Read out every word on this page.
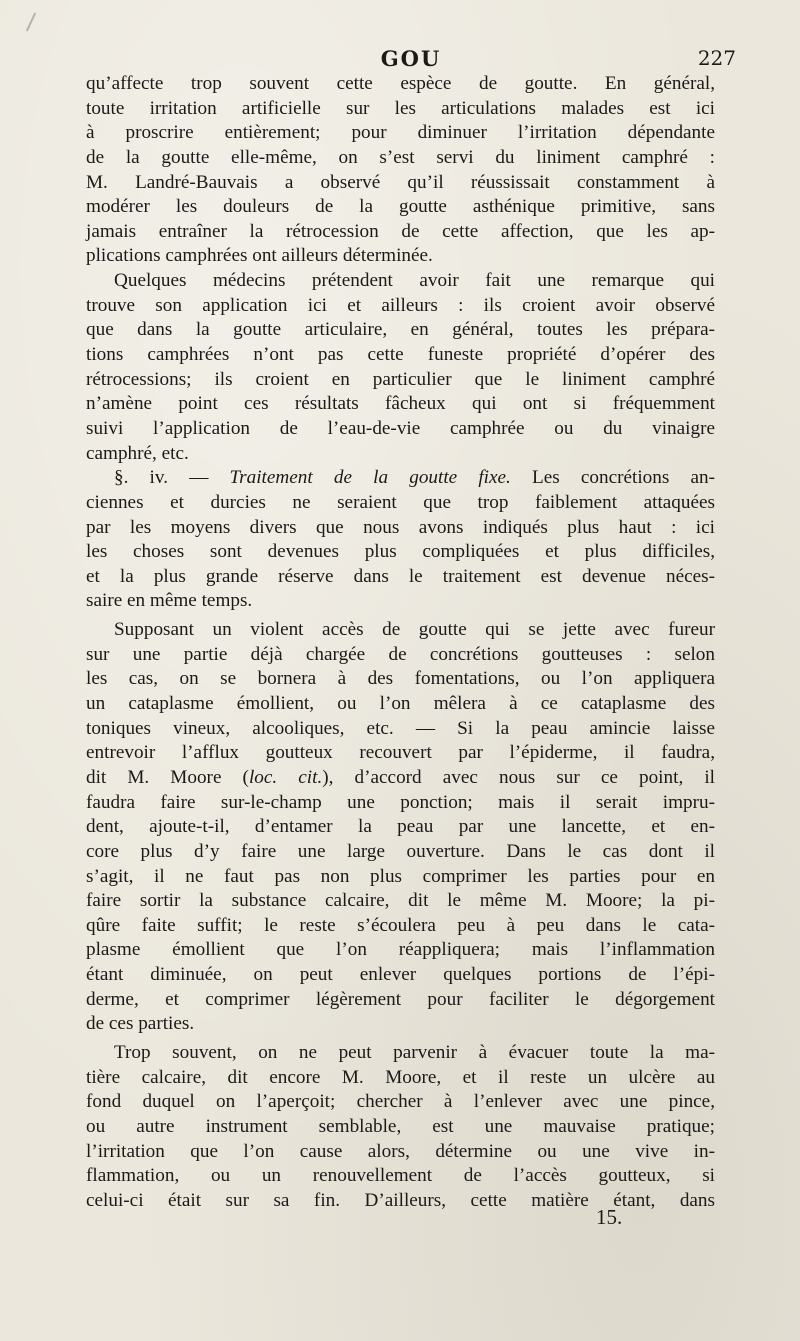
GOU	227
qu’affecte trop souvent cette espèce de goutte. En général,
toute irritation artificielle sur les articulations malades est ici
à proscrire entièrement; pour diminuer l’irritation dépendante
de la goutte elle-même, on s’est servi du liniment camphré :
M. Landré-Bauvais a observé qu’il réussissait constamment à
modérer les douleurs de la goutte asthénique primitive, sans
jamais entraîner la rétrocession de cette affection, que les ap-
plications camphrées ont ailleurs déterminée.
Quelques médecins prétendent avoir fait une remarque qui
trouve son application ici et ailleurs : ils croient avoir observé
que dans la goutte articulaire, en général, toutes les prépara-
tions camphrées n’ont pas cette funeste propriété d’opérer des
rétrocessions; ils croient en particulier que le liniment camphré
n’amène point ces résultats fâcheux qui ont si fréquemment
suivi l’application de l’eau-de-vie camphrée ou du vinaigre
camphré, etc.
§. iv. — Traitement de la goutte fixe. Les concrétions an-
ciennes et durcies ne seraient que trop faiblement attaquées
par les moyens divers que nous avons indiqués plus haut : ici
les choses sont devenues plus compliquées et plus difficiles,
et la plus grande réserve dans le traitement est devenue néces-
saire en même temps.
Supposant un violent accès de goutte qui se jette avec fureur
sur une partie déjà chargée de concrétions goutteuses : selon
les cas, on se bornera à des fomentations, ou l’on appliquera
un cataplasme émollient, ou l’on mêlera à ce cataplasme des
toniques vineux, alcooliques, etc. — Si la peau amincie laisse
entrevoir l’afflux goutteux recouvert par l’épiderme, il faudra,
dit M. Moore (loc. cit.), d’accord avec nous sur ce point, il
faudra faire sur-le-champ une ponction; mais il serait impru-
dent, ajoute-t-il, d’entamer la peau par une lancette, et en-
core plus d’y faire une large ouverture. Dans le cas dont il
s’agit, il ne faut pas non plus comprimer les parties pour en
faire sortir la substance calcaire, dit le même M. Moore; la pi-
qûre faite suffit; le reste s’écoulera peu à peu dans le cata-
plasme émollient que l’on réappliquera; mais l’inflammation
étant diminuée, on peut enlever quelques portions de l’épi-
derme, et comprimer légèrement pour faciliter le dégorgement
de ces parties.
Trop souvent, on ne peut parvenir à évacuer toute la ma-
tière calcaire, dit encore M. Moore, et il reste un ulcère au
fond duquel on l’aperçoit; chercher à l’enlever avec une pince,
ou autre instrument semblable, est une mauvaise pratique;
l’irritation que l’on cause alors, détermine ou une vive in-
flammation, ou un renouvellement de l’accès goutteux, si
celui-ci était sur sa fin. D’ailleurs, cette matière étant, dans
15.
